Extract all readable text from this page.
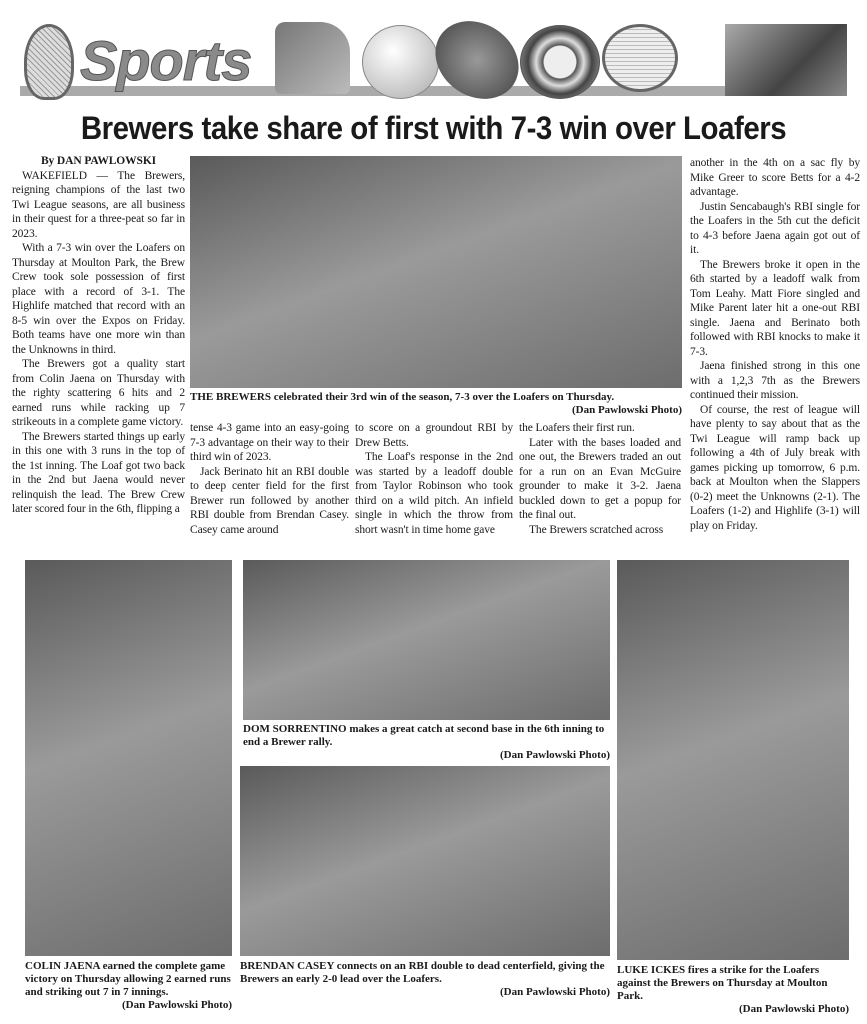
Sports
Brewers take share of first with 7-3 win over Loafers

By DAN PAWLOWSKI

WAKEFIELD — The Brewers, reigning champions of the last two Twi League seasons, are all business in their quest for a three-peat so far in 2023.

With a 7-3 win over the Loafers on Thursday at Moulton Park, the Brew Crew took sole possession of first place with a record of 3-1. The Highlife matched that record with an 8-5 win over the Expos on Friday. Both teams have one more win than the Unknowns in third.

The Brewers got a quality start from Colin Jaena on Thursday with the righty scattering 6 hits and 2 earned runs while racking up 7 strikeouts in a complete game victory.

The Brewers started things up early in this one with 3 runs in the top of the 1st inning. The Loaf got two back in the 2nd but Jaena would never relinquish the lead. The Brew Crew later scored four in the 6th, flipping a

THE BREWERS celebrated their 3rd win of the season, 7-3 over the Loafers on Thursday.
(Dan Pawlowski Photo)

tense 4-3 game into an easy-going 7-3 advantage on their way to their third win of 2023.

Jack Berinato hit an RBI double to deep center field for the first Brewer run followed by another RBI double from Brendan Casey. Casey came around

to score on a groundout RBI by Drew Betts.

The Loaf's response in the 2nd was started by a leadoff double from Taylor Robinson who took third on a wild pitch. An infield single in which the throw from short wasn't in time home gave

the Loafers their first run.

Later with the bases loaded and one out, the Brewers traded an out for a run on an Evan McGuire grounder to make it 3-2. Jaena buckled down to get a popup for the final out.

The Brewers scratched across

another in the 4th on a sac fly by Mike Greer to score Betts for a 4-2 advantage.

Justin Sencabaugh's RBI single for the Loafers in the 5th cut the deficit to 4-3 before Jaena again got out of it.

The Brewers broke it open in the 6th started by a leadoff walk from Tom Leahy. Matt Fiore singled and Mike Parent later hit a one-out RBI single. Jaena and Berinato both followed with RBI knocks to make it 7-3.

Jaena finished strong in this one with a 1,2,3 7th as the Brewers continued their mission.

Of course, the rest of league will have plenty to say about that as the Twi League will ramp back up following a 4th of July break with games picking up tomorrow, 6 p.m. back at Moulton when the Slappers (0-2) meet the Unknowns (2-1). The Loafers (1-2) and Highlife (3-1) will play on Friday.

COLIN JAENA earned the complete game victory on Thursday allowing 2 earned runs and striking out 7 in 7 innings.
(Dan Pawlowski Photo)
DOM SORRENTINO makes a great catch at second base in the 6th inning to end a Brewer rally.
(Dan Pawlowski Photo)
BRENDAN CASEY connects on an RBI double to dead centerfield, giving the Brewers an early 2-0 lead over the Loafers.
(Dan Pawlowski Photo)
LUKE ICKES fires a strike for the Loafers against the Brewers on Thursday at Moulton Park.
(Dan Pawlowski Photo)
